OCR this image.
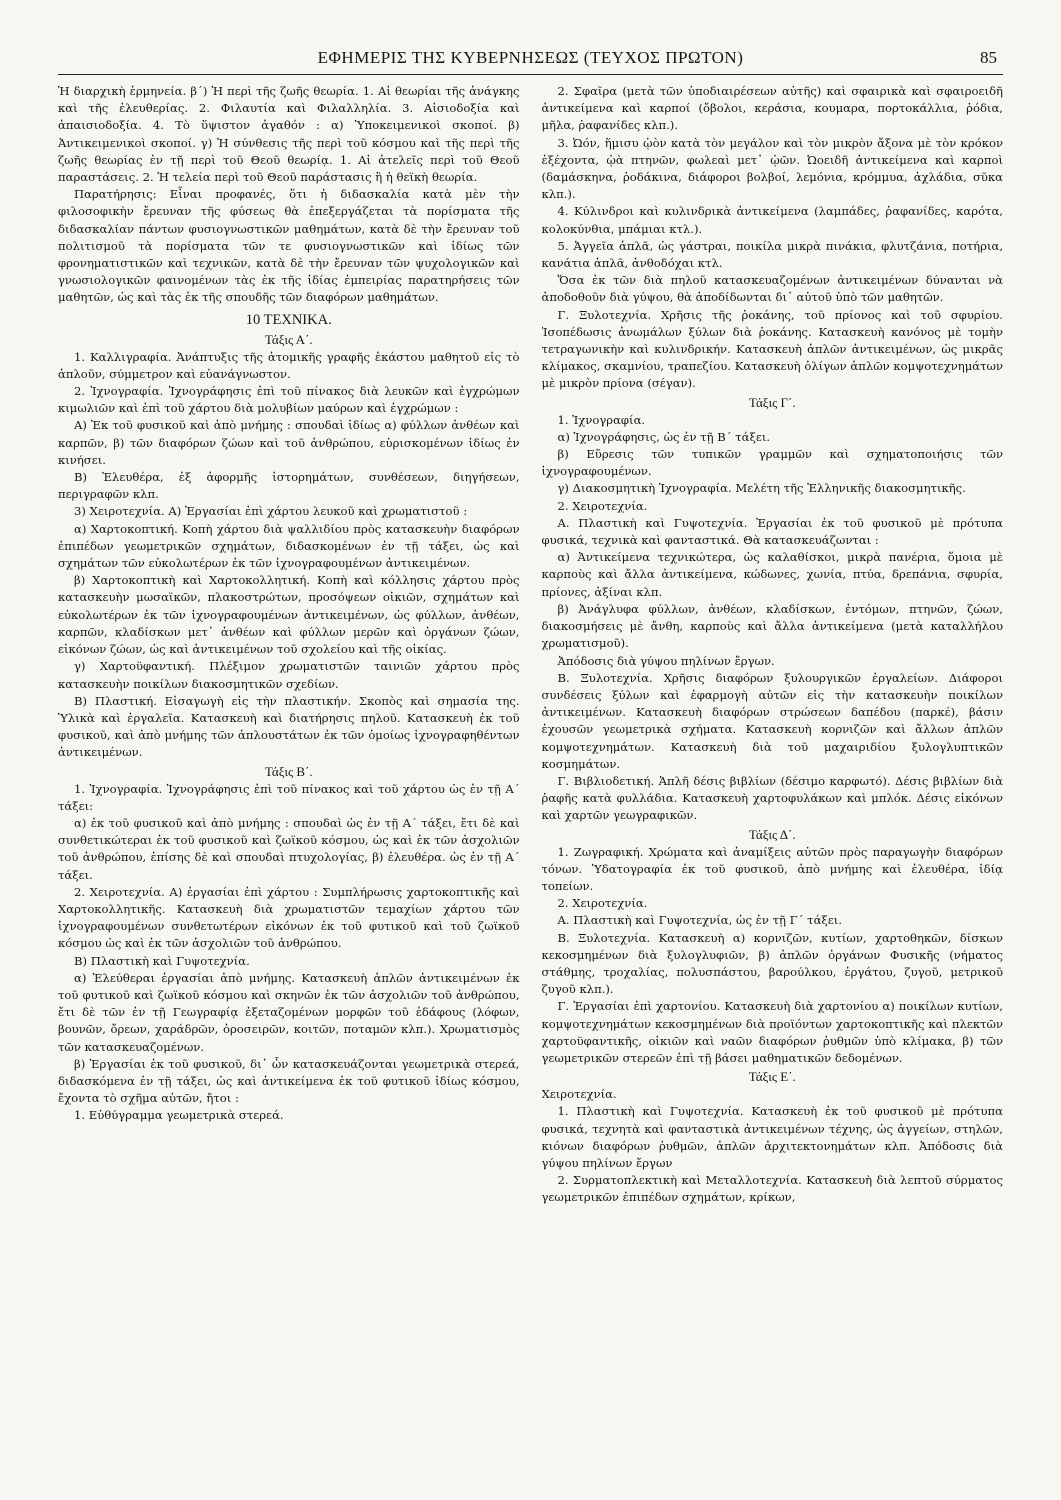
ΕΦΗΜΕΡΙΣ ΤΗΣ ΚΥΒΕΡΝΗΣΕΩΣ (ΤΕΥΧΟΣ ΠΡΩΤΟΝ)	85

Ἡ διαρχικὴ ἑρμηνεία. β΄) Ἡ περὶ τῆς ζωῆς θεωρία. 1. Αἱ θεωρίαι τῆς ἀνάγκης καὶ τῆς ἐλευθερίας. 2. Φιλαυτία καὶ Φιλαλληλία. 3. Αἰσιοδοξία καὶ ἀπαισιοδοξία. 4. Τὸ ὕψιστον ἀγαθόν : α) Ὑποκειμενικοὶ σκοποί. β) Ἀντικειμενικοὶ σκοποί. γ) Ἡ σύνθεσις τῆς περὶ τοῦ κόσμου καὶ τῆς περὶ τῆς ζωῆς θεωρίας ἐν τῇ περὶ τοῦ Θεοῦ θεωρίᾳ. 1. Αἱ ἀτελεῖς περὶ τοῦ Θεοῦ παραστάσεις. 2. Ἡ τελεία περὶ τοῦ Θεοῦ παράστασις ἢ ἡ θεϊκὴ θεωρία.

Παρατήρησις: Εἶναι προφανές, ὅτι ἡ διδασκαλία κατὰ μὲν τὴν φιλοσοφικὴν ἔρευναν τῆς φύσεως θὰ ἐπεξεργάζεται τὰ πορίσματα τῆς διδασκαλίαν πάντων φυσιογνωστικῶν μαθημάτων, κατὰ δὲ τὴν ἔρευναν τοῦ πολιτισμοῦ τὰ πορίσματα τῶν τε φυσιογνωστικῶν καὶ ἰδίως τῶν φρονηματιστικῶν καὶ τεχνικῶν, κατὰ δὲ τὴν ἔρευναν τῶν ψυχολογικῶν καὶ γνωσιολογικῶν φαινομένων τὰς ἐκ τῆς ἰδίας ἐμπειρίας παρατηρήσεις τῶν μαθητῶν, ὡς καὶ τὰς ἐκ τῆς σπουδῆς τῶν διαφόρων μαθημάτων.

10 ΤΕΧΝΙΚΑ.
Τάξις Α΄.

1. Καλλιγραφία. Ἀνάπτυξις τῆς ἀτομικῆς γραφῆς ἑκάστου μαθητοῦ εἰς τὸ ἁπλοῦν, σύμμετρον καὶ εὐανάγνωστον.

2. Ἰχνογραφία. Ἰχνογράφησις ἐπὶ τοῦ πίνακος διὰ λευκῶν καὶ ἐγχρώμων κιμωλιῶν καὶ ἐπὶ τοῦ χάρτου διὰ μολυβίων μαύρων καὶ ἐγχρώμων :

Α) Ἐκ τοῦ φυσικοῦ καὶ ἀπὸ μνήμης : σπουδαὶ ἰδίως α) φύλλων ἀνθέων καὶ καρπῶν, β) τῶν διαφόρων ζώων καὶ τοῦ ἀνθρώπου, εὑρισκομένων ἰδίως ἐν κινήσει.

Β) Ἐλευθέρα, ἐξ ἀφορμῆς ἱστορημάτων, συνθέσεων, διηγήσεων, περιγραφῶν κλπ.

3) Χειροτεχνία. Α) Ἐργασίαι ἐπὶ χάρτου λευκοῦ καὶ χρωματιστοῦ :

α) Χαρτοκοπτική. Κοπὴ χάρτου διὰ ψαλλιδίου πρὸς κατασκευὴν διαφόρων ἐπιπέδων γεωμετρικῶν σχημάτων, διδασκομένων ἐν τῇ τάξει, ὡς καὶ σχημάτων τῶν εὐκολωτέρων ἐκ τῶν ἰχνογραφουμένων ἀντικειμένων.

β) Χαρτοκοπτικὴ καὶ Χαρτοκολλητική. Κοπὴ καὶ κόλλησις χάρτου πρὸς κατασκευὴν μωσαϊκῶν, πλακοστρώτων, προσόψεων οἰκιῶν, σχημάτων καὶ εὐκολωτέρων ἐκ τῶν ἰχνογραφουμένων ἀντικειμένων, ὡς φύλλων, ἀνθέων, καρπῶν, κλαδίσκων μετ᾽ ἀνθέων καὶ φύλλων μερῶν καὶ ὀργάνων ζώων, εἰκόνων ζώων, ὡς καὶ ἀντικειμένων τοῦ σχολείου καὶ τῆς οἰκίας.

γ) Χαρτοϋφαντική. Πλέξιμον χρωματιστῶν ταινιῶν χάρτου πρὸς κατασκευὴν ποικίλων διακοσμητικῶν σχεδίων.

Β) Πλαστική. Εἰσαγωγὴ εἰς τὴν πλαστικήν. Σκοπὸς καὶ σημασία της. Ὑλικὰ καὶ ἐργαλεῖα. Κατασκευὴ καὶ διατήρησις πηλοῦ. Κατασκευὴ ἐκ τοῦ φυσικοῦ, καὶ ἀπὸ μνήμης τῶν ἁπλουστάτων ἐκ τῶν ὁμοίως ἰχνογραφηθέντων ἀντικειμένων.

Τάξις Β΄.

1. Ἰχνογραφία. Ἰχνογράφησις ἐπὶ τοῦ πίνακος καὶ τοῦ χάρτου ὡς ἐν τῇ Α΄ τάξει:

α) ἐκ τοῦ φυσικοῦ καὶ ἀπὸ μνήμης : σπουδαὶ ὡς ἐν τῇ Α΄ τάξει, ἔτι δὲ καὶ συνθετικώτεραι ἐκ τοῦ φυσικοῦ καὶ ζωϊκοῦ κόσμου, ὡς καὶ ἐκ τῶν ἀσχολιῶν τοῦ ἀνθρώπου, ἐπίσης δὲ καὶ σπουδαὶ πτυχολογίας, β) ἐλευθέρα. ὡς ἐν τῇ Α΄ τάξει.

2. Χειροτεχνία. Α) ἐργασίαι ἐπὶ χάρτου : Συμπλήρωσις χαρτοκοπτικῆς καὶ Χαρτοκολλητικῆς. Κατασκευὴ διὰ χρωματιστῶν τεμαχίων χάρτου τῶν ἰχνογραφουμένων συνθετωτέρων εἰκόνων ἐκ τοῦ φυτικοῦ καὶ τοῦ ζωϊκοῦ κόσμου ὡς καὶ ἐκ τῶν ἀσχολιῶν τοῦ ἀνθρώπου.

Β) Πλαστικὴ καὶ Γυψοτεχνία.

α) Ἐλεύθεραι ἐργασίαι ἀπὸ μνήμης. Κατασκευὴ ἁπλῶν ἀντικειμένων ἐκ τοῦ φυτικοῦ καὶ ζωϊκοῦ κόσμου καὶ σκηνῶν ἐκ τῶν ἀσχολιῶν τοῦ ἀνθρώπου, ἔτι δὲ τῶν ἐν τῇ Γεωγραφίᾳ ἐξεταζομένων μορφῶν τοῦ ἐδάφους (λόφων, βουνῶν, ὄρεων, χαράδρῶν, ὀροσειρῶν, κοιτῶν, ποταμῶν κλπ.). Χρωματισμὸς τῶν κατασκευαζομένων.

β) Ἐργασίαι ἐκ τοῦ φυσικοῦ, δι᾽ ὧν κατασκευάζονται γεωμετρικὰ στερεά, διδασκόμενα ἐν τῇ τάξει, ὡς καὶ ἀντικείμενα ἐκ τοῦ φυτικοῦ ἰδίως κόσμου, ἔχοντα τὸ σχῆμα αὐτῶν, ἤτοι :

1. Εὐθύγραμμα γεωμετρικὰ στερεά.

2. Σφαῖρα (μετὰ τῶν ὑποδιαιρέσεων αὐτῆς) καὶ σφαιρικὰ καὶ σφαιροειδῆ ἀντικείμενα καὶ καρποί (ὄβολοι, κεράσια, κουμαρα, πορτοκάλλια, ῥόδια, μῆλα, ῥαφανίδες κλπ.).

3. Ὠόν, ἥμισυ ᾠὸν κατὰ τὸν μεγάλον καὶ τὸν μικρὸν ἄξονα μὲ τὸν κρόκον ἐξέχοντα, ᾠὰ πτηνῶν, φωλεαὶ μετ᾽ ᾠῶν. Ὠοειδῆ ἀντικείμενα καὶ καρποὶ (δαμάσκηνα, ῥοδάκινα, διάφοροι βολβοί, λεμόνια, κρόμμυα, ἀχλάδια, σῦκα κλπ.).

4. Κύλινδροι καὶ κυλινδρικὰ ἀντικείμενα (λαμπάδες, ῥαφανίδες, καρότα, κολοκύνθια, μπάμιαι κτλ.).

5. Ἀγγεῖα ἁπλᾶ, ὡς γάστραι, ποικίλα μικρὰ πινάκια, φλυτζάνια, ποτήρια, κανάτια ἁπλᾶ, ἀνθοδόχαι κτλ.

Ὅσα ἐκ τῶν διὰ πηλοῦ κατασκευαζομένων ἀντικειμένων δύνανται νὰ ἀποδοθοῦν διὰ γύψου, θὰ ἀποδίδωνται δι᾽ αὐτοῦ ὑπὸ τῶν μαθητῶν.

Γ. Ξυλοτεχνία. Χρῆσις τῆς ῥοκάνης, τοῦ πρίονος καὶ τοῦ σφυρίου. Ἰσοπέδωσις ἀνωμάλων ξύλων διὰ ῥοκάνης. Κατασκευὴ κανόνος μὲ τομὴν τετραγωνικὴν καὶ κυλινδρικήν. Κατασκευὴ ἁπλῶν ἀντικειμένων, ὡς μικρᾶς κλίμακος, σκαμνίου, τραπεζίου. Κατασκευὴ ὀλίγων ἁπλῶν κομψοτεχνημάτων μὲ μικρὸν πρίονα (σέγαν).

Τάξις Γ΄.

1. Ἰχνογραφία.

α) Ἰχνογράφησις, ὡς ἐν τῇ Β΄ τάξει.

β) Εὕρεσις τῶν τυπικῶν γραμμῶν καὶ σχηματοποιήσις τῶν ἰχνογραφουμένων.

γ) Διακοσμητικὴ Ἰχνογραφία. Μελέτη τῆς Ἑλληνικῆς διακοσμητικῆς.

2. Χειροτεχνία.

Α. Πλαστικὴ καὶ Γυψοτεχνία. Ἐργασίαι ἐκ τοῦ φυσικοῦ μὲ πρότυπα φυσικά, τεχνικὰ καὶ φανταστικά. Θὰ κατασκευάζωνται :

α) Ἀντικείμενα τεχνικώτερα, ὡς καλαθίσκοι, μικρὰ πανέρια, ὅμοια μὲ καρποὺς καὶ ἄλλα ἀντικείμενα, κώδωνες, χωνία, πτύα, δρεπάνια, σφυρία, πρίονες, ἀξίναι κλπ.

β) Ἀνάγλυφα φύλλων, ἀνθέων, κλαδίσκων, ἐντόμων, πτηνῶν, ζώων, διακοσμήσεις μὲ ἄνθη, καρποὺς καὶ ἄλλα ἀντικείμενα (μετὰ καταλλήλου χρωματισμοῦ).

Ἀπόδοσις διὰ γύψου πηλίνων ἔργων.

Β. Ξυλοτεχνία. Χρῆσις διαφόρων ξυλουργικῶν ἐργαλείων. Διάφοροι συνδέσεις ξύλων καὶ ἐφαρμογὴ αὐτῶν εἰς τὴν κατασκευὴν ποικίλων ἀντικειμένων. Κατασκευὴ διαφόρων στρώσεων δαπέδου (παρκέ), βάσιν ἐχουσῶν γεωμετρικὰ σχήματα. Κατασκευὴ κορνιζῶν καὶ ἄλλων ἁπλῶν κομψοτεχνημάτων. Κατασκευὴ διὰ τοῦ μαχαιριδίου ξυλογλυπτικῶν κοσμημάτων.

Γ. Βιβλιοδετική. Ἁπλῆ δέσις βιβλίων (δέσιμο καρφωτό). Δέσις βιβλίων διὰ ῥαφῆς κατὰ φυλλάδια. Κατασκευὴ χαρτοφυλάκων καὶ μπλόκ. Δέσις εἰκόνων καὶ χαρτῶν γεωγραφικῶν.

Τάξις Δ΄.

1. Ζωγραφική. Χρώματα καὶ ἀναμίξεις αὐτῶν πρὸς παραγωγὴν διαφόρων τόνων. Ὑδατογραφία ἐκ τοῦ φυσικοῦ, ἀπὸ μνήμης καὶ ἐλευθέρα, ἰδίᾳ τοπείων.

2. Χειροτεχνία.

Α. Πλαστικὴ καὶ Γυψοτεχνία, ὡς ἐν τῇ Γ΄ τάξει.

Β. Ξυλοτεχνία. Κατασκευὴ α) κορνιζῶν, κυτίων, χαρτοθηκῶν, δίσκων κεκοσμημένων διὰ ξυλογλυφιῶν, β) ἁπλῶν ὀργάνων Φυσικῆς (νήματος στάθμης, τροχαλίας, πολυσπάστου, βαρούλκου, ἐργάτου, ζυγοῦ, μετρικοῦ ζυγοῦ κλπ.).

Γ. Ἐργασίαι ἐπὶ χαρτονίου. Κατασκευὴ διὰ χαρτονίου α) ποικίλων κυτίων, κομψοτεχνημάτων κεκοσμημένων διὰ προϊόντων χαρτοκοπτικῆς καὶ πλεκτῶν χαρτοϋφαντικῆς, οἰκιῶν καὶ ναῶν διαφόρων ῥυθμῶν ὑπὸ κλίμακα, β) τῶν γεωμετρικῶν στερεῶν ἐπὶ τῇ βάσει μαθηματικῶν δεδομένων.

Τάξις Ε΄.

Χειροτεχνία.

1. Πλαστικὴ καὶ Γυψοτεχνία. Κατασκευὴ ἐκ τοῦ φυσικοῦ μὲ πρότυπα φυσικά, τεχνητὰ καὶ φανταστικὰ ἀντικειμένων τέχνης, ὡς ἀγγείων, στηλῶν, κιόνων διαφόρων ῥυθμῶν, ἁπλῶν ἀρχιτεκτονημάτων κλπ. Ἀπόδοσις διὰ γύψου πηλίνων ἔργων

2. Συρματοπλεκτικὴ καὶ Μεταλλοτεχνία. Κατασκευὴ διὰ λεπτοῦ σύρματος γεωμετρικῶν ἐπιπέδων σχημάτων, κρίκων,
